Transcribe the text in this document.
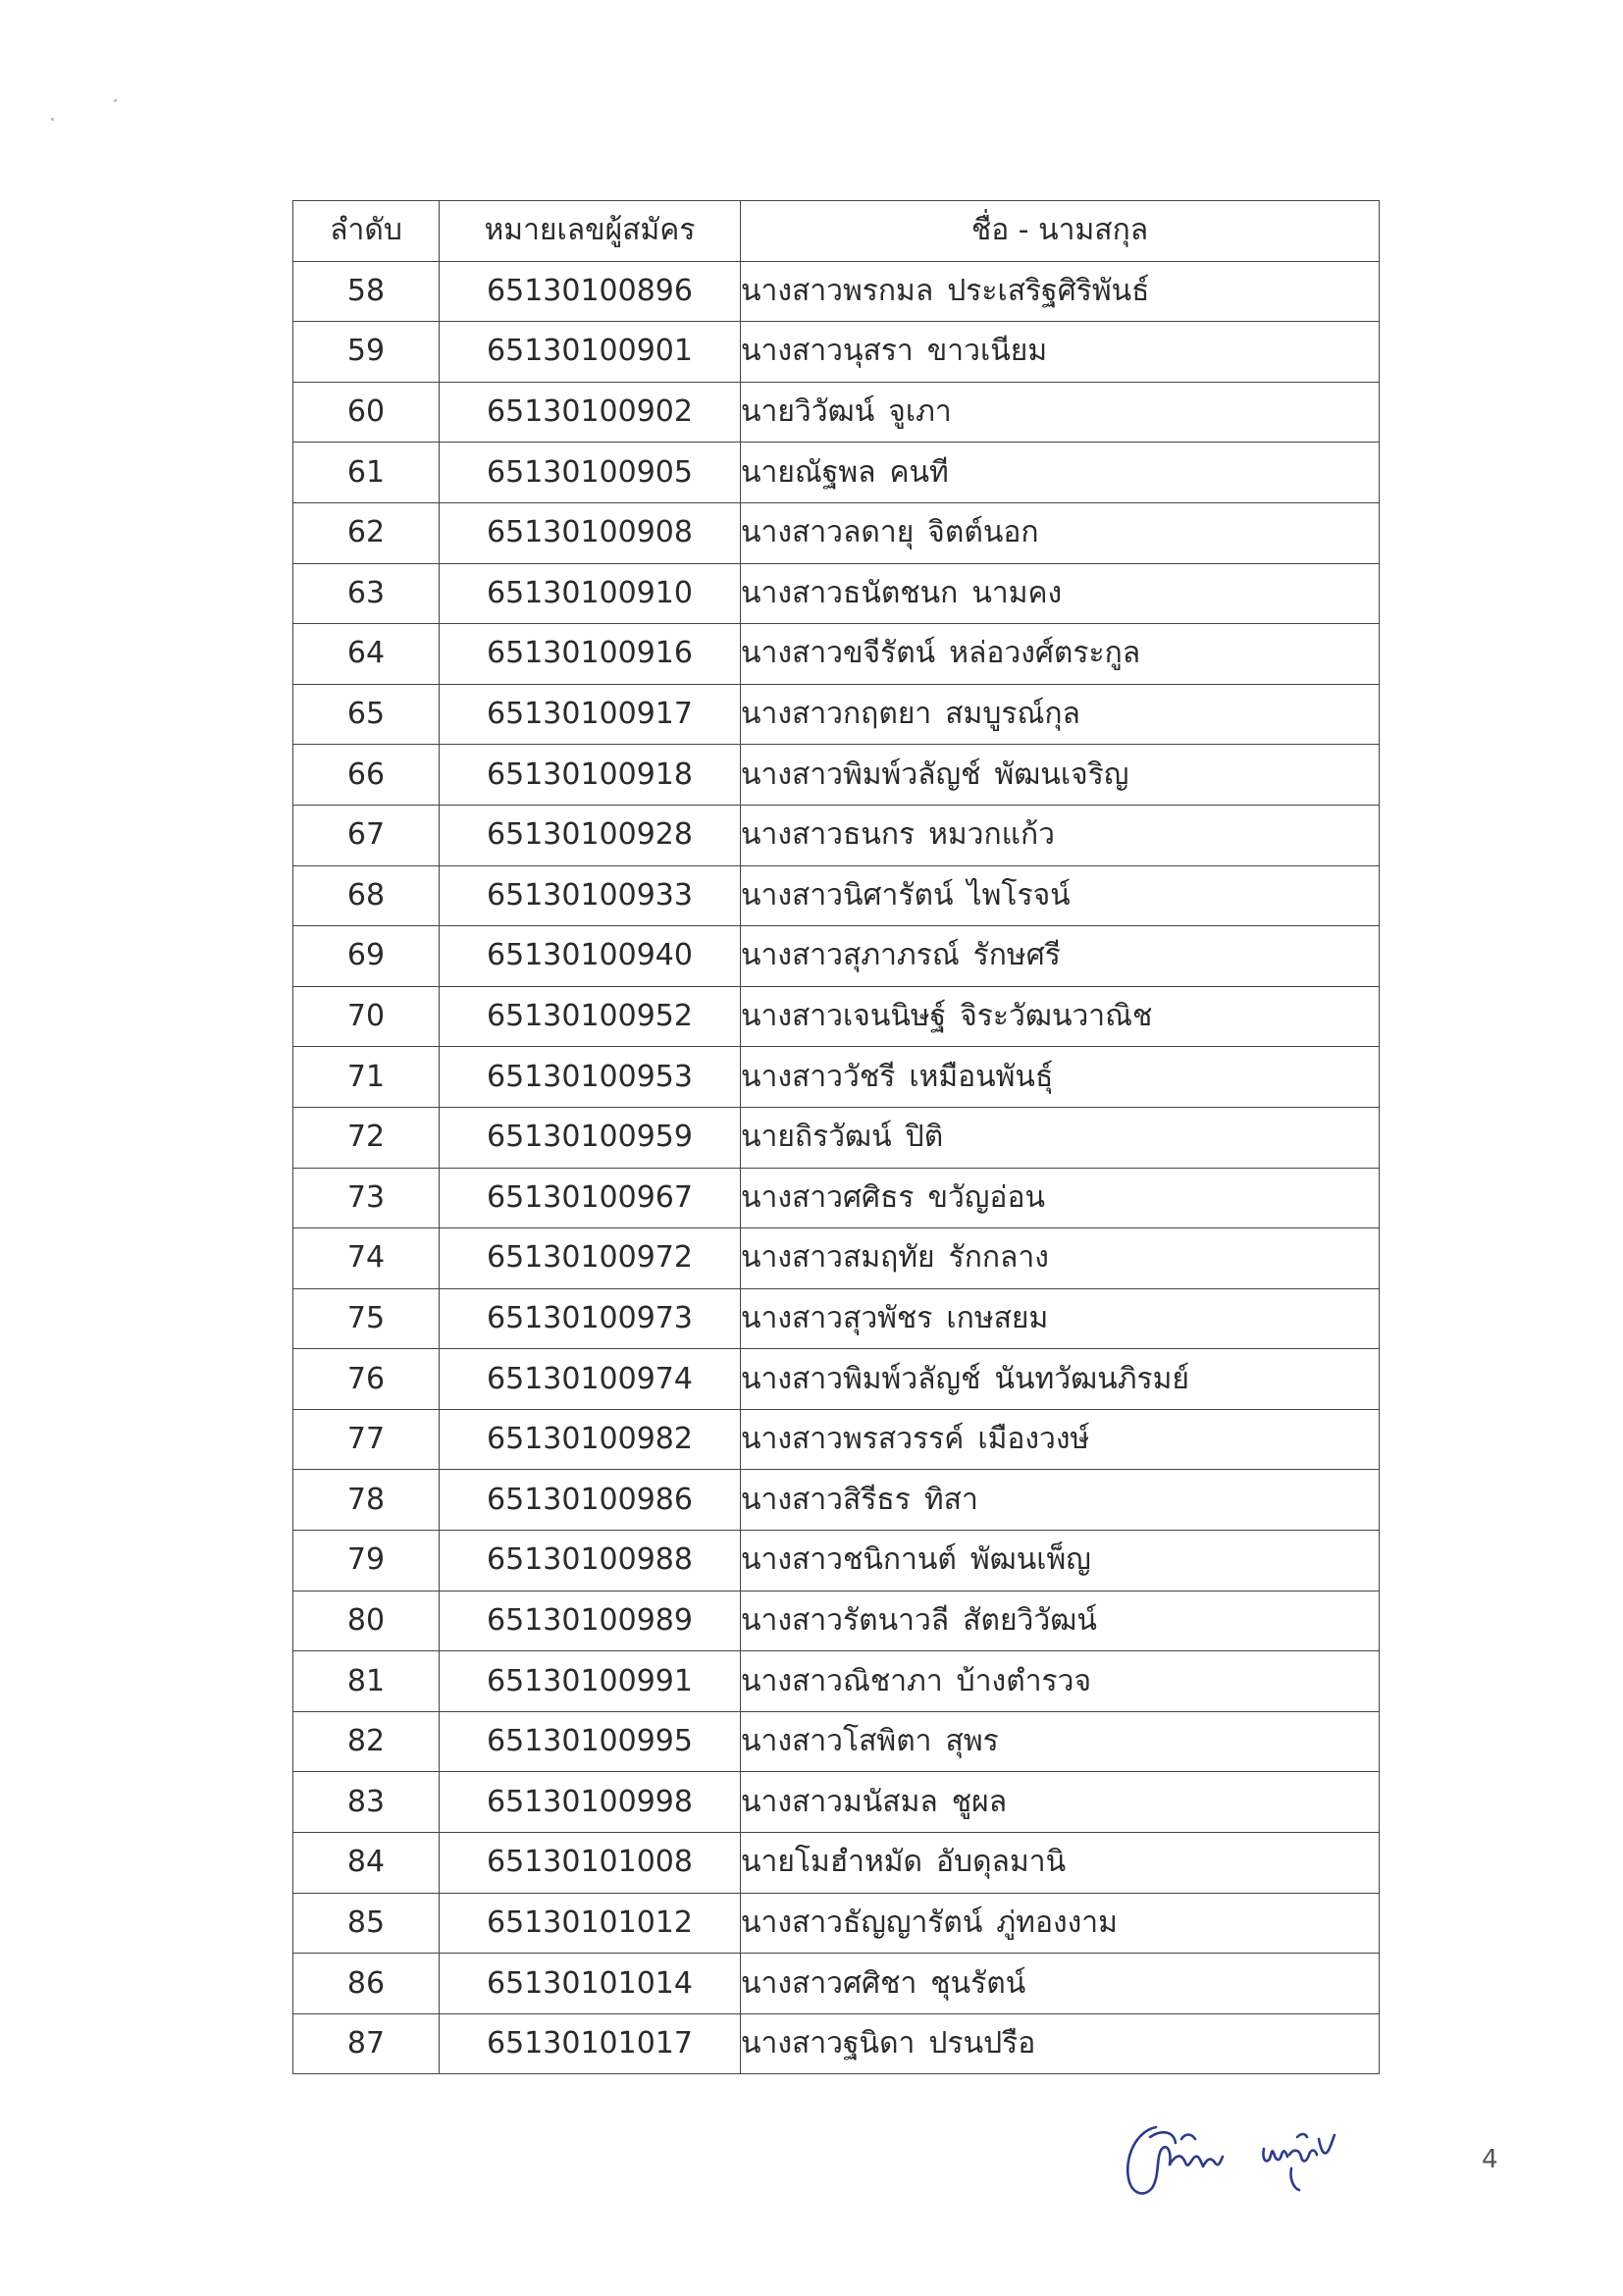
ลำดับ	หมายเลขผู้สมัคร	ชื่อ - นามสกุล
58	65130100896	นางสาวพรกมล ประเสริฐศิริพันธ์
59	65130100901	นางสาวนุสรา ขาวเนียม
60	65130100902	นายวิวัฒน์ จูเภา
61	65130100905	นายณัฐพล คนที
62	65130100908	นางสาวลดายุ จิตต์นอก
63	65130100910	นางสาวธนัตชนก นามคง
64	65130100916	นางสาวขจีรัตน์ หล่อวงศ์ตระกูล
65	65130100917	นางสาวกฤตยา สมบูรณ์กุล
66	65130100918	นางสาวพิมพ์วลัญช์ พัฒนเจริญ
67	65130100928	นางสาวธนกร หมวกแก้ว
68	65130100933	นางสาวนิศารัตน์ ไพโรจน์
69	65130100940	นางสาวสุภาภรณ์ รักษศรี
70	65130100952	นางสาวเจนนิษฐ์ จิระวัฒนวาณิช
71	65130100953	นางสาววัชรี เหมือนพันธุ์
72	65130100959	นายถิรวัฒน์ ปิติ
73	65130100967	นางสาวศศิธร ขวัญอ่อน
74	65130100972	นางสาวสมฤทัย รักกลาง
75	65130100973	นางสาวสุวพัชร เกษสยม
76	65130100974	นางสาวพิมพ์วลัญช์ นันทวัฒนภิรมย์
77	65130100982	นางสาวพรสวรรค์ เมืองวงษ์
78	65130100986	นางสาวสิรีธร ทิสา
79	65130100988	นางสาวชนิกานต์ พัฒนเพ็ญ
80	65130100989	นางสาวรัตนาวลี สัตยวิวัฒน์
81	65130100991	นางสาวณิชาภา บ้างตำรวจ
82	65130100995	นางสาวโสพิตา สุพร
83	65130100998	นางสาวมนัสมล ชูผล
84	65130101008	นายโมฮำหมัด อับดุลมานิ
85	65130101012	นางสาวธัญญารัตน์ ภู่ทองงาม
86	65130101014	นางสาวศศิชา ชุนรัตน์
87	65130101017	นางสาวฐนิดา ปรนปรือ
4
